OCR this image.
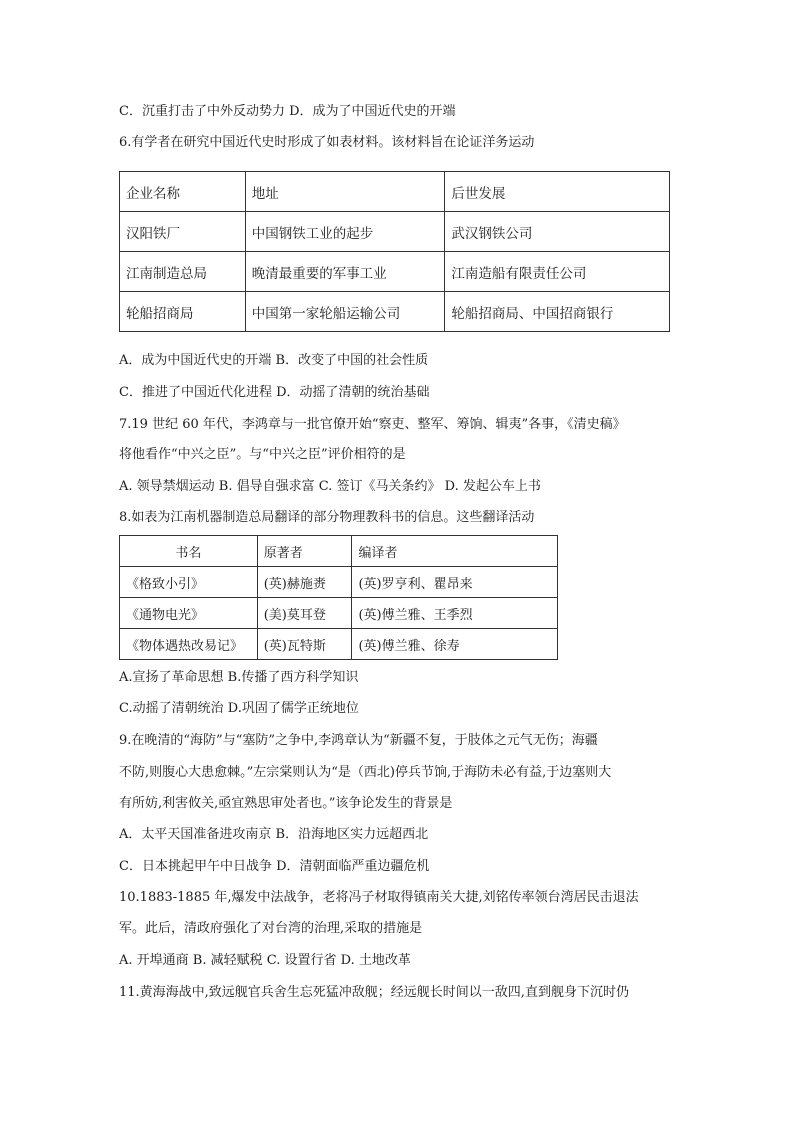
C．沉重打击了中外反动势力 D．成为了中国近代史的开端
6.有学者在研究中国近代史时形成了如表材料。该材料旨在论证洋务运动
企业名称	地址	后世发展
汉阳铁厂	中国钢铁工业的起步	武汉钢铁公司
江南制造总局	晚清最重要的军事工业	江南造船有限责任公司
轮船招商局	中国第一家轮船运输公司	轮船招商局、中国招商银行
A．成为中国近代史的开端 B．改变了中国的社会性质
C．推进了中国近代化进程 D．动摇了清朝的统治基础
7.19 世纪 60 年代，李鸿章与一批官僚开始“察吏、整军、筹饷、辑夷”各事，《清史稿》
将他看作“中兴之臣”。与“中兴之臣”评价相符的是
A. 领导禁烟运动 B. 倡导自强求富 C. 签订《马关条约》 D. 发起公车上书
8.如表为江南机器制造总局翻译的部分物理教科书的信息。这些翻译活动
书名	原著者	编译者
《格致小引》	(英)赫施赉	(英)罗亨利、瞿昂来
《通物电光》	(美)莫耳登	(英)傅兰雅、王季烈
《物体遇热改易记》	(英)瓦特斯	(英)傅兰雅、徐寿
A.宣扬了革命思想 B.传播了西方科学知识
C.动摇了清朝统治 D.巩固了儒学正统地位
9.在晚清的“海防”与“塞防”之争中,李鸿章认为“新疆不复，于肢体之元气无伤；海疆
不防,则腹心大患愈棘。”左宗棠则认为“是（西北)停兵节饷,于海防未必有益,于边塞则大
有所妨,利害攸关,亟宜熟思审处者也。”该争论发生的背景是
A．太平天国准备进攻南京 B．沿海地区实力远超西北
C．日本挑起甲午中日战争 D．清朝面临严重边疆危机
10.1883-1885 年,爆发中法战争，老将冯子材取得镇南关大捷,刘铭传率领台湾居民击退法
军。此后，清政府强化了对台湾的治理,采取的措施是
A. 开埠通商 B. 减轻赋税 C. 设置行省 D. 土地改革
11.黄海海战中,致远舰官兵舍生忘死猛冲敌舰；经远舰长时间以一敌四,直到舰身下沉时仍
